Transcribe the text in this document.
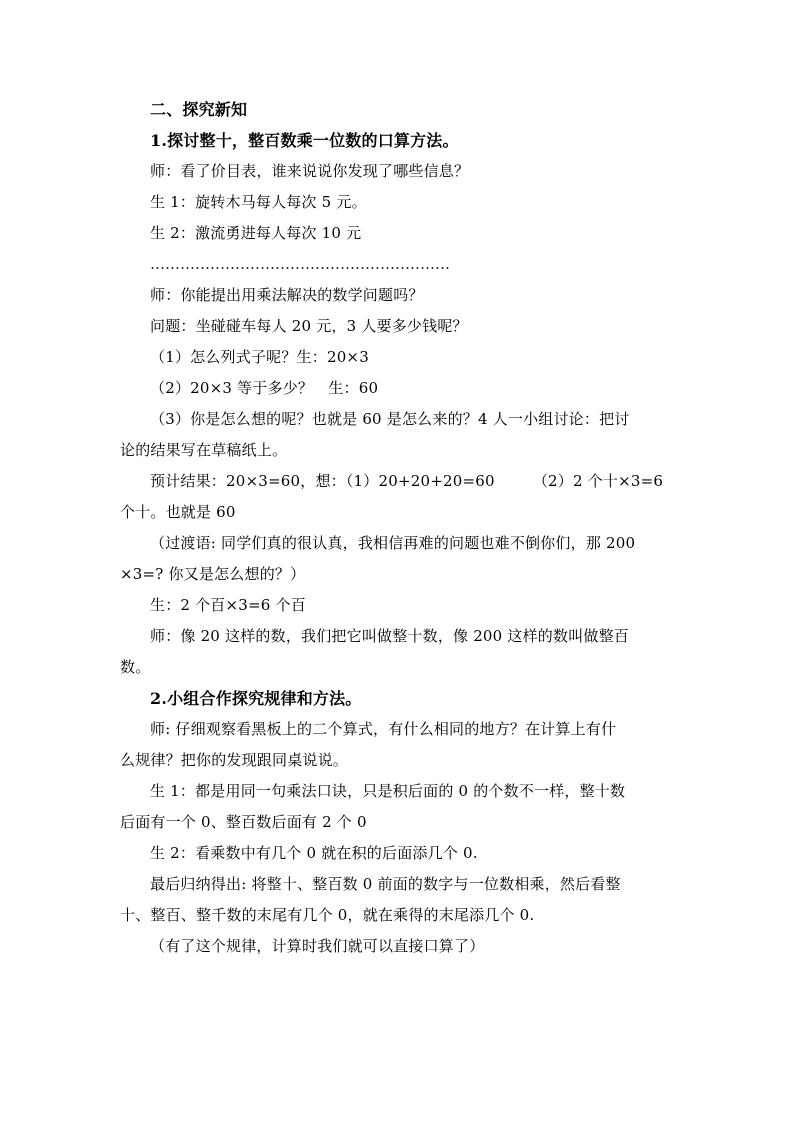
二、探究新知
1.探讨整十，整百数乘一位数的口算方法。
师：看了价目表，谁来说说你发现了哪些信息？
生 1：旋转木马每人每次 5 元。
生 2：激流勇进每人每次 10 元
……………………………………………………
师：你能提出用乘法解决的数学问题吗？
问题：坐碰碰车每人 20 元，3 人要多少钱呢？
（1）怎么列式子呢？生：20×3
（2）20×3 等于多少？　生：60
（3）你是怎么想的呢？也就是 60 是怎么来的？4 人一小组讨论：把讨
论的结果写在草稿纸上。
预计结果：20×3=60，想：（1）20+20+20=60　　　（2）2 个十×3=6
个十。也就是 60
（过渡语: 同学们真的很认真，我相信再难的问题也难不倒你们，那 200
×3=? 你又是怎么想的？）
生：2 个百×3=6 个百
师：像 20 这样的数，我们把它叫做整十数，像 200 这样的数叫做整百
数。
2.小组合作探究规律和方法。
师: 仔细观察看黑板上的二个算式，有什么相同的地方？在计算上有什
么规律？把你的发现跟同桌说说。
生 1：都是用同一句乘法口诀，只是积后面的 0 的个数不一样，整十数
后面有一个 0、整百数后面有 2 个 0
生 2：看乘数中有几个 0 就在积的后面添几个 0.
最后归纳得出: 将整十、整百数 0 前面的数字与一位数相乘，然后看整
十、整百、整千数的末尾有几个 0，就在乘得的末尾添几个 0.
（有了这个规律，计算时我们就可以直接口算了）
